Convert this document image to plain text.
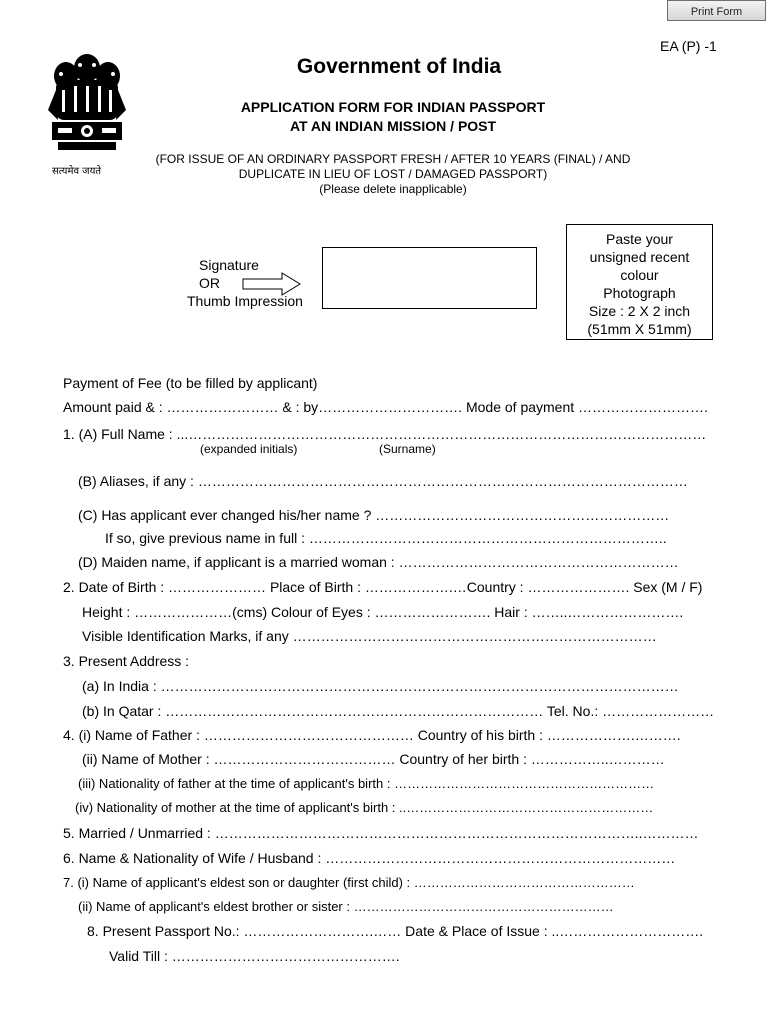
Print Form
EA (P) -1
सत्यमेव जयते
Government of India
APPLICATION FORM FOR INDIAN PASSPORT
AT AN INDIAN MISSION / POST
(FOR ISSUE OF AN ORDINARY PASSPORT FRESH / AFTER 10 YEARS (FINAL) / AND
DUPLICATE IN LIEU OF LOST / DAMAGED PASSPORT)
(Please delete inapplicable)
Signature
OR
Thumb Impression
Paste your
unsigned recent
colour
Photograph
Size : 2 X 2 inch
(51mm X 51mm)
Payment of Fee (to be filled by applicant)
Amount paid & : …………………… & : by…………………………. Mode of payment ……………………….
1. (A) Full Name : ...…………………………………………………………………………………………………
(expanded initials)	(Surname)
(B) Aliases, if any : ……………………………………………………………………………………………
(C) Has applicant ever changed his/her name ? ………………………………………………………
If so, give previous name in full : …………………………………………………………………..
(D) Maiden name, if applicant is a married woman : ……………………………………………………
2. Date of Birth : ………………… Place of Birth : ……………….…Country : …………………. Sex (M / F)
Height : …………………(cms) Colour of Eyes : ……………………. Hair : ……..…………………….
Visible Identification Marks, if any ……………………………………………………………………
3. Present Address :
(a) In India : …………………………………………………………………………………………………
(b) In Qatar : ……………………………………………………………………… Tel. No.: ……………………
4. (i) Name of Father : ……………………………………… Country of his birth : ……………….……….
(ii) Name of Mother : ………………………………… Country of her birth : ……………..…………
(iii) Nationality of father at the time of applicant's birth : ……………………………………………………
(iv) Nationality of mother at the time of applicant's birth : ..…………………………………………………
5. Married / Unmarried : ………………………………………………………………………………..…………
6. Name & Nationality of Wife / Husband : …………………………………………………………………
7. (i) Name of applicant's eldest son or daughter (first child) : ……………………………………………
(ii) Name of applicant's eldest brother or sister : ……………………………………………………
8. Present Passport No.: ……………………….…… Date & Place of Issue : ..………………………….
Valid Till : ………………………………………….
